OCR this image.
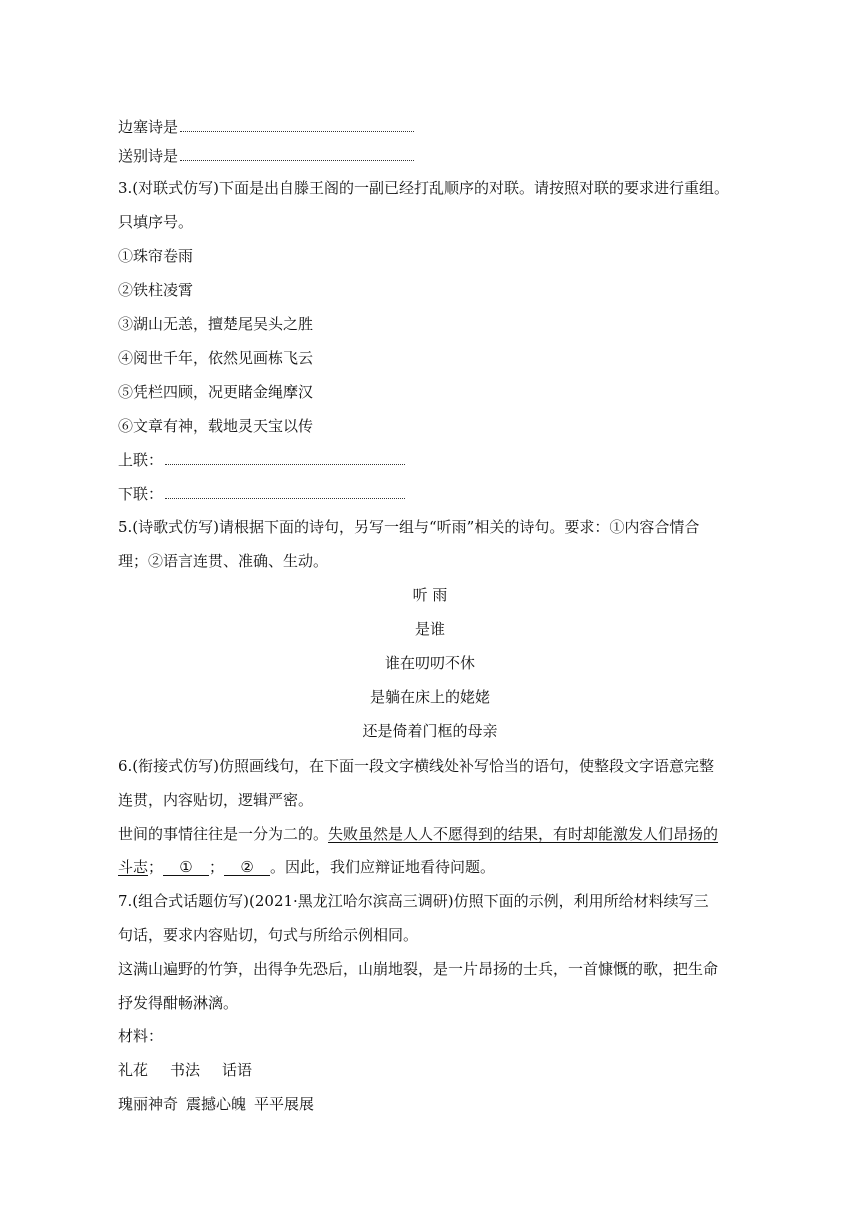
边塞诗是
送别诗是
3.(对联式仿写)下面是出自滕王阁的一副已经打乱顺序的对联。请按照对联的要求进行重组。
只填序号。
①珠帘卷雨
②铁柱凌霄
③湖山无恙，擅楚尾吴头之胜
④阅世千年，依然见画栋飞云
⑤凭栏四顾，况更睹金绳摩汉
⑥文章有神，载地灵天宝以传
上联：
下联：
5.(诗歌式仿写)请根据下面的诗句，另写一组与“听雨”相关的诗句。要求：①内容合情合
理；②语言连贯、准确、生动。
听 雨
是谁
谁在叨叨不休
是躺在床上的姥姥
还是倚着门框的母亲
6.(衔接式仿写)仿照画线句，在下面一段文字横线处补写恰当的语句，使整段文字语意完整
连贯，内容贴切，逻辑严密。
世间的事情往往是一分为二的。失败虽然是人人不愿得到的结果，有时却能激发人们昂扬的
斗志； ① ； ② 。因此，我们应辩证地看待问题。
7.(组合式话题仿写)(2021·黑龙江哈尔滨高三调研)仿照下面的示例，利用所给材料续写三
句话，要求内容贴切，句式与所给示例相同。
这满山遍野的竹笋，出得争先恐后，山崩地裂，是一片昂扬的士兵，一首慷慨的歌，把生命
抒发得酣畅淋漓。
材料：
礼花 书法 话语
瑰丽神奇 震撼心魄 平平展展
